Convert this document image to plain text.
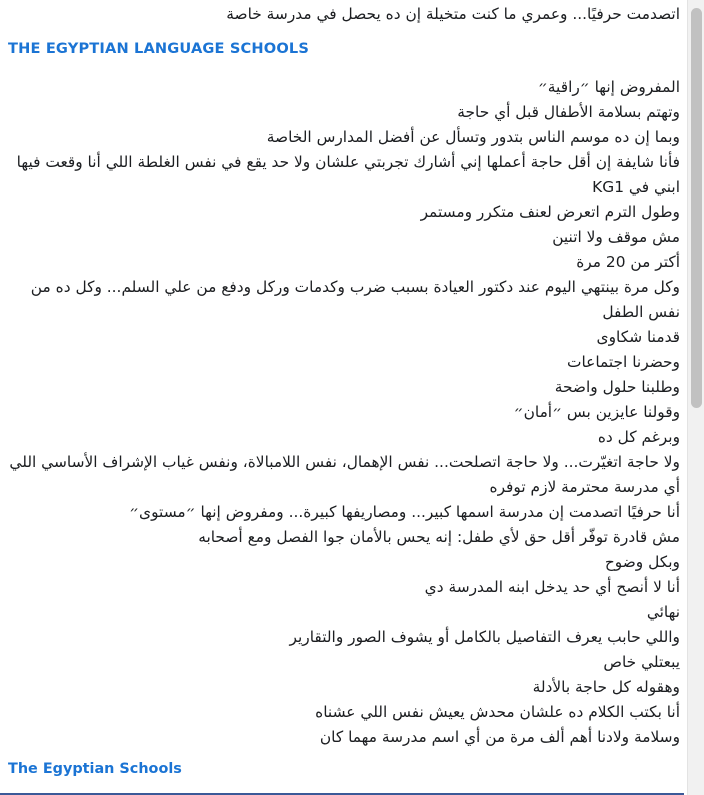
اتصدمت حرفيًا... وعمري ما كنت متخيلة إن ده يحصل في مدرسة خاصة

THE EGYPTIAN LANGUAGE SCHOOLS

المفروض إنها ״راقية״

وتهتم بسلامة الأطفال قبل أي حاجة

وبما إن ده موسم الناس بتدور وتسأل عن أفضل المدارس الخاصة

فأنا شايفة إن أقل حاجة أعملها إني أشارك تجربتي علشان ولا حد يقع في نفس الغلطة اللي أنا وقعت فيها

ابني في KG1

وطول الترم اتعرض لعنف متكرر ومستمر

مش موقف ولا اتنين

أكتر من 20 مرة

وكل مرة بينتهي اليوم عند دكتور العيادة بسبب ضرب وكدمات وركل ودفع من علي السلم... وكل ده من نفس الطفل

قدمنا شكاوى

وحضرنا اجتماعات

وطلبنا حلول واضحة

وقولنا عايزين بس ״أمان״

وبرغم كل ده

ولا حاجة اتغيّرت... ولا حاجة اتصلحت... نفس الإهمال، نفس اللامبالاة، ونفس غياب الإشراف الأساسي اللي أي مدرسة محترمة لازم توفره

أنا حرفيًا اتصدمت إن مدرسة اسمها كبير... ومصاريفها كبيرة... ومفروض إنها ״مستوى״

مش قادرة توفّر أقل حق لأي طفل: إنه يحس بالأمان جوا الفصل ومع أصحابه

وبكل وضوح

أنا لا أنصح أي حد يدخل ابنه المدرسة دي

نهائي

واللي حابب يعرف التفاصيل بالكامل أو يشوف الصور والتقارير

يبعتلي خاص

وهقوله كل حاجة بالأدلة

أنا بكتب الكلام ده علشان محدش يعيش نفس اللي عشناه

وسلامة ولادنا أهم ألف مرة من أي اسم مدرسة مهما كان

The Egyptian Schools
